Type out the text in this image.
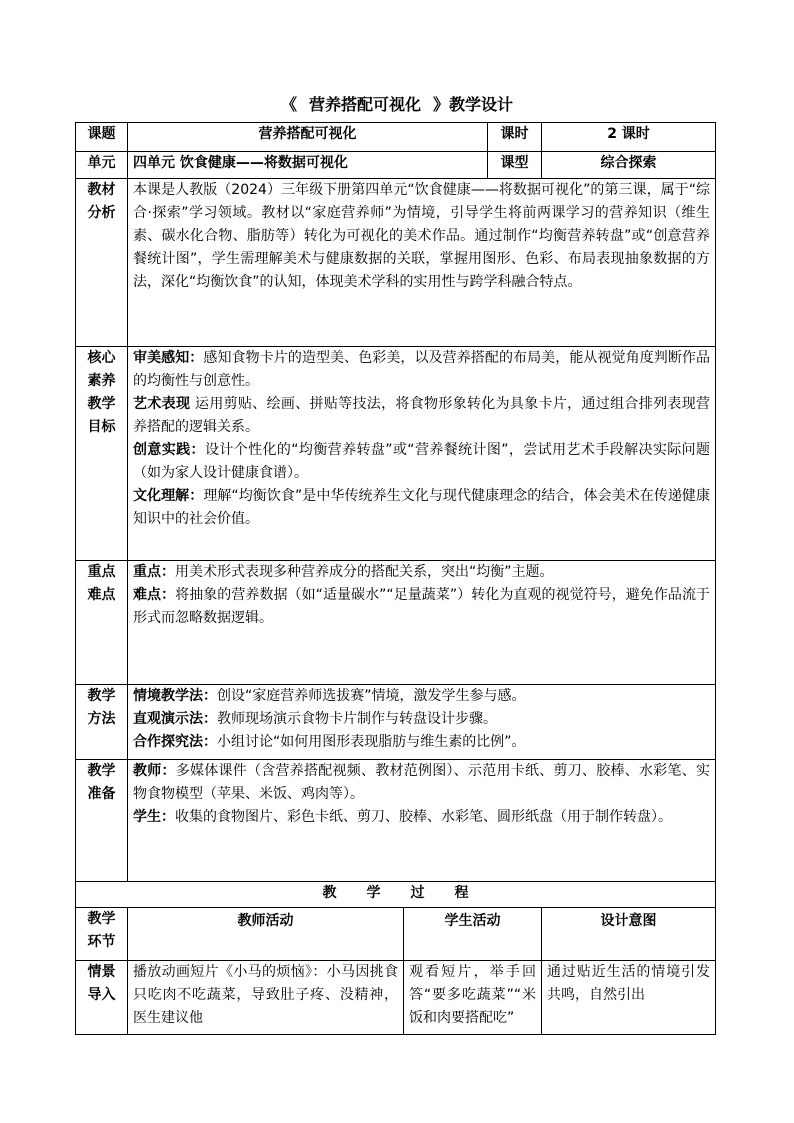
《 营养搭配可视化 》教学设计
课题	营养搭配可视化		课时	2 课时
单元	四单元 饮食健康——将数据可视化		课型	综合探索
教材分析	本课是人教版（2024）三年级下册第四单元“饮食健康——将数据可视化”的第三课，属于“综合·探索”学习领域。教材以“家庭营养师”为情境，引导学生将前两课学习的营养知识（维生素、碳水化合物、脂肪等）转化为可视化的美术作品。通过制作“均衡营养转盘”或“创意营养餐统计图”，学生需理解美术与健康数据的关联，掌握用图形、色彩、布局表现抽象数据的方法，深化“均衡饮食”的认知，体现美术学科的实用性与跨学科融合特点。			
核心素养教学目标	审美感知：感知食物卡片的造型美、色彩美，以及营养搭配的布局美，能从视觉角度判断作品的均衡性与创意性。

艺术表现 运用剪贴、绘画、拼贴等技法，将食物形象转化为具象卡片，通过组合排列表现营养搭配的逻辑关系。

创意实践：设计个性化的“均衡营养转盘”或“营养餐统计图”，尝试用艺术手段解决实际问题（如为家人设计健康食谱）。

文化理解：理解“均衡饮食”是中华传统养生文化与现代健康理念的结合，体会美术在传递健康知识中的社会价值。			

重点难点	重点：用美术形式表现多种营养成分的搭配关系，突出“均衡”主题。

难点：将抽象的营养数据（如“适量碳水”“足量蔬菜”）转化为直观的视觉符号，避免作品流于形式而忽略数据逻辑。			

教学方法	情境教学法：创设“家庭营养师选拔赛”情境，激发学生参与感。

直观演示法：教师现场演示食物卡片制作与转盘设计步骤。

合作探究法：小组讨论“如何用图形表现脂肪与维生素的比例”。			

教学准备	教师：多媒体课件（含营养搭配视频、教材范例图）、示范用卡纸、剪刀、胶棒、水彩笔、实物食物模型（苹果、米饭、鸡肉等）。

学生：收集的食物图片、彩色卡纸、剪刀、胶棒、水彩笔、圆形纸盘（用于制作转盘）。			

教学过程				
教学环节	教师活动	学生活动		设计意图
情景导入	播放动画短片《小马的烦恼》：小马因挑食只吃肉不吃蔬菜，导致肚子疼、没精神，医生建议他	观看短片，举手回答“要多吃蔬菜”“米饭和肉要搭配吃”		通过贴近生活的情境引发共鸣，自然引出
